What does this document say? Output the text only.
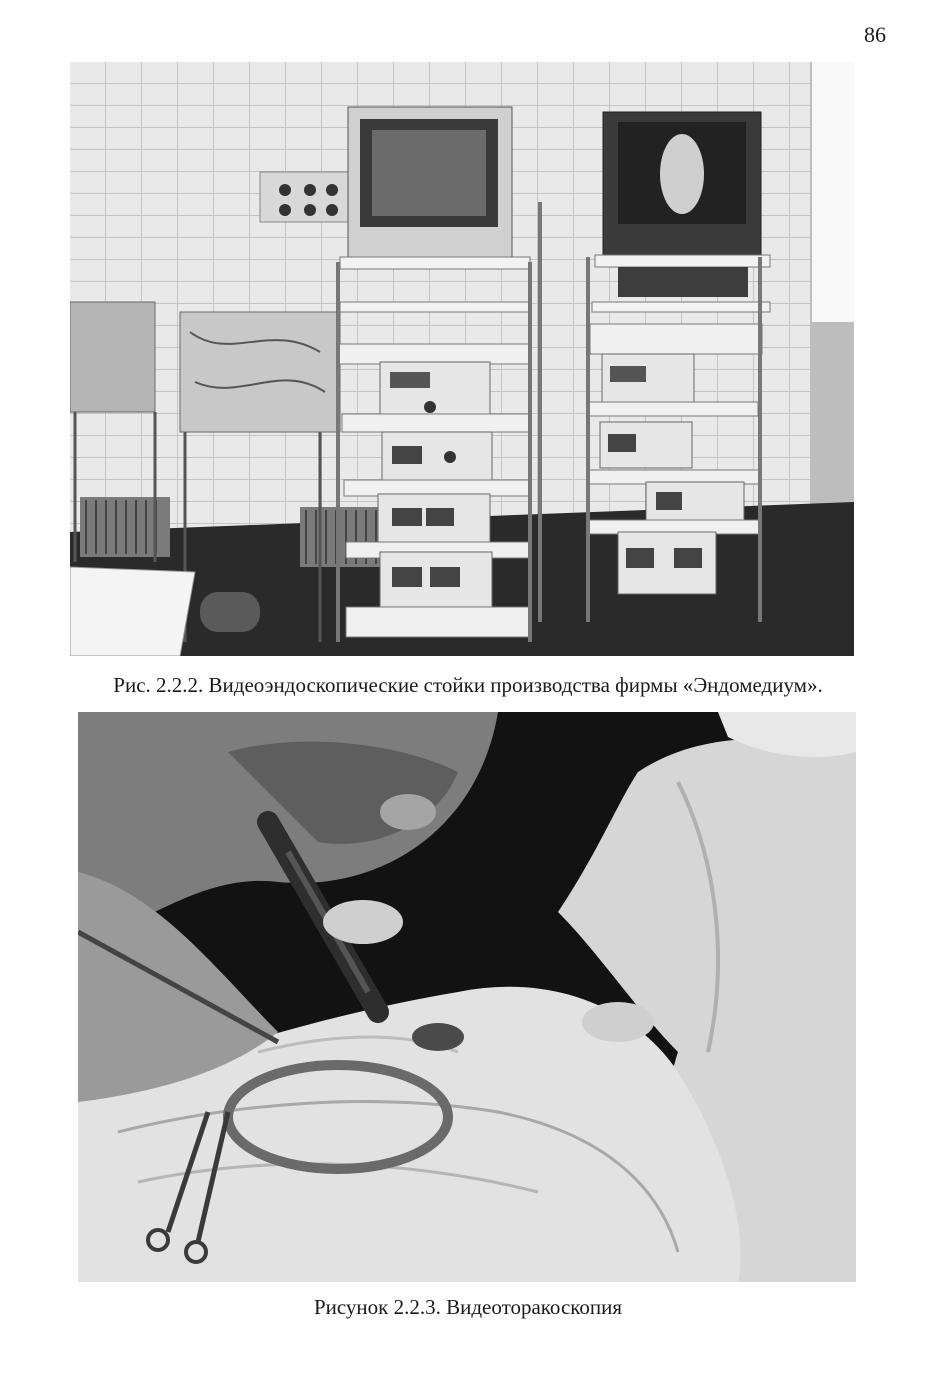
86
Рис. 2.2.2. Видеоэндоскопические стойки производства фирмы «Эндомедиум».
Рисунок 2.2.3. Видеоторакоскопия
